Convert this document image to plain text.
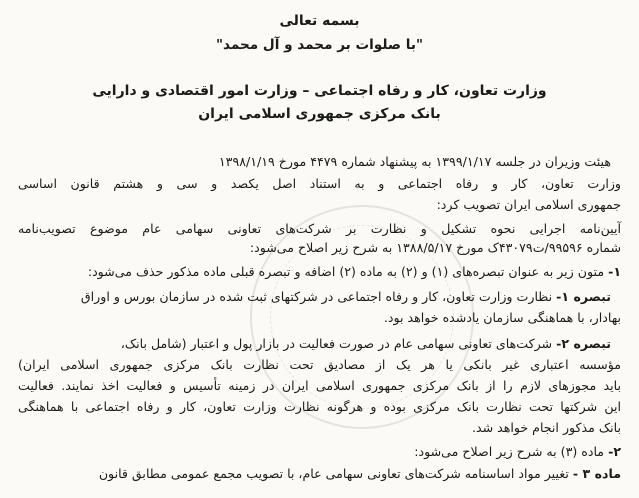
بسمه تعالی
"با صلوات بر محمد و آل محمد"
وزارت تعاون، کار و رفاه اجتماعی – وزارت امور اقتصادی و دارایی
بانک مرکزی جمهوری اسلامی ایران
هیئت وزیران در جلسه ۱۳۹۹/۱/۱۷ به پیشنهاد شماره ۴۴۷۹ مورخ ۱۳۹۸/۱/۱۹
وزارت تعاون، کار و رفاه اجتماعی و به استناد اصل یکصد و سی و هشتم قانون اساسی
جمهوری اسلامی ایران تصویب کرد:
آیین‌نامه اجرایی نحوه تشکیل و نظارت بر شرکت‌های تعاونی سهامی عام موضوع تصویب‌نامه
شماره ۹۹۵۹۶/ت۴۳۰۷۹ک مورخ ۱۳۸۸/۵/۱۷ به شرح زیر اصلاح می‌شود:
۱- متون زیر به عنوان تبصره‌های (۱) و (۲) به ماده (۲) اضافه و تبصره قبلی ماده مذکور حذف می‌شود:
تبصره ۱- نظارت وزارت تعاون، کار و رفاه اجتماعی در شرکتهای ثبت شده در سازمان بورس و اوراق
بهادار، با هماهنگی سازمان یادشده خواهد بود.
تبصره ۲- شرکت‌های تعاونی سهامی عام در صورت فعالیت در بازار پول و اعتبار (شامل بانک،
مؤسسه اعتباری غیر بانکی یا هر یک از مصادیق تحت نظارت بانک مرکزی جمهوری اسلامی ایران)
باید مجوزهای لازم را از بانک مرکزی جمهوری اسلامی ایران در زمینه تأسیس و فعالیت اخذ نمایند. فعالیت
این شرکتها تحت نظارت بانک مرکزی بوده و هرگونه نظارت وزارت تعاون، کار و رفاه اجتماعی با هماهنگی
بانک مذکور انجام خواهد شد.
۲- ماده (۳) به شرح زیر اصلاح می‌شود:
ماده ۳ - تغییر مواد اساسنامه شرکت‌های تعاونی سهامی عام، با تصویب مجمع عمومی مطابق قانون
